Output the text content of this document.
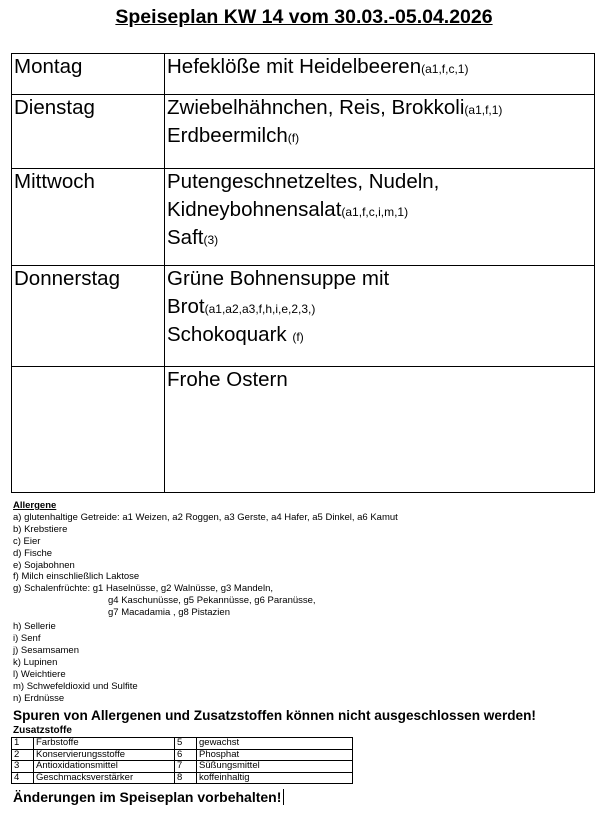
Speiseplan KW 14 vom 30.03.-05.04.2026
Montag	Hefeklöße mit Heidelbeeren(a1,f,c,1)

Dienstag	Zwiebelhähnchen, Reis, Brokkoli(a1,f,1)
Erdbeermilch(f)

Mittwoch	Putengeschnetzeltes, Nudeln,
Kidneybohnensalat(a1,f,c,i,m,1)
Saft(3)

Donnerstag	Grüne Bohnensuppe mit
Brot(a1,a2,a3,f,h,i,e,2,3,)
Schokoquark (f)

	Frohe Ostern
Allergene
a) glutenhaltige Getreide: a1 Weizen, a2 Roggen, a3 Gerste, a4 Hafer, a5 Dinkel, a6 Kamut
b) Krebstiere
c) Eier
d) Fische
e) Sojabohnen
f) Milch einschließlich Laktose
g) Schalenfrüchte: g1 Haselnüsse, g2 Walnüsse, g3 Mandeln,
g4 Kaschunüsse, g5 Pekannüsse, g6 Paranüsse,
g7 Macadamia , g8 Pistazien
h) Sellerie
i) Senf
j) Sesamsamen
k) Lupinen
l) Weichtiere
m) Schwefeldioxid und Sulfite
n) Erdnüsse
Spuren von Allergenen und Zusatzstoffen können nicht ausgeschlossen werden!
Zusatzstoffe
1	Farbstoffe	5	gewachst
2	Konservierungsstoffe	6	Phosphat
3	Antioxidationsmittel	7	Süßungsmittel
4	Geschmacksverstärker	8	koffeinhaltig
Änderungen im Speiseplan vorbehalten!
